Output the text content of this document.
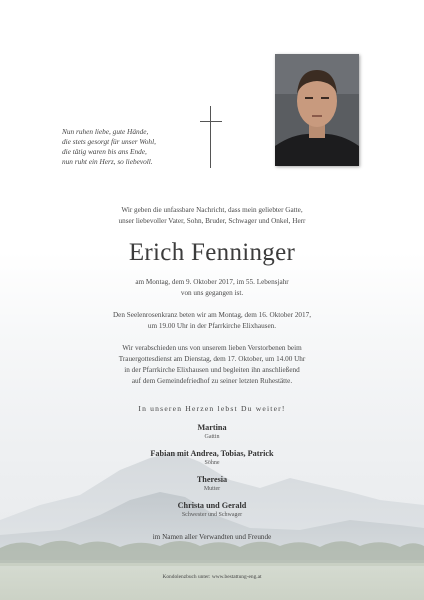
Nun ruhen liebe, gute Hände,
die stets gesorgt für unser Wohl,
die tätig waren bis ans Ende,
nun ruht ein Herz, so liebevoll.
Wir geben die unfassbare Nachricht, dass mein geliebter Gatte,
unser liebevoller Vater, Sohn, Bruder, Schwager und Onkel, Herr
Erich Fenninger
am Montag, dem 9. Oktober 2017, im 55. Lebensjahr
von uns gegangen ist.
Den Seelenrosenkranz beten wir am Montag, dem 16. Oktober 2017,
um 19.00 Uhr in der Pfarrkirche Elixhausen.
Wir verabschieden uns von unserem lieben Verstorbenen beim
Trauergottesdienst am Dienstag, dem 17. Oktober, um 14.00 Uhr
in der Pfarrkirche Elixhausen und begleiten ihn anschließend
auf dem Gemeindefriedhof zu seiner letzten Ruhestätte.
In unseren Herzen lebst Du weiter!
Martina
Gattin
Fabian mit Andrea, Tobias, Patrick
Söhne
Theresia
Mutter
Christa und Gerald
Schwester und Schwager
im Namen aller Verwandten und Freunde
Kondolenzbuch unter: www.bestattung-eng.at
